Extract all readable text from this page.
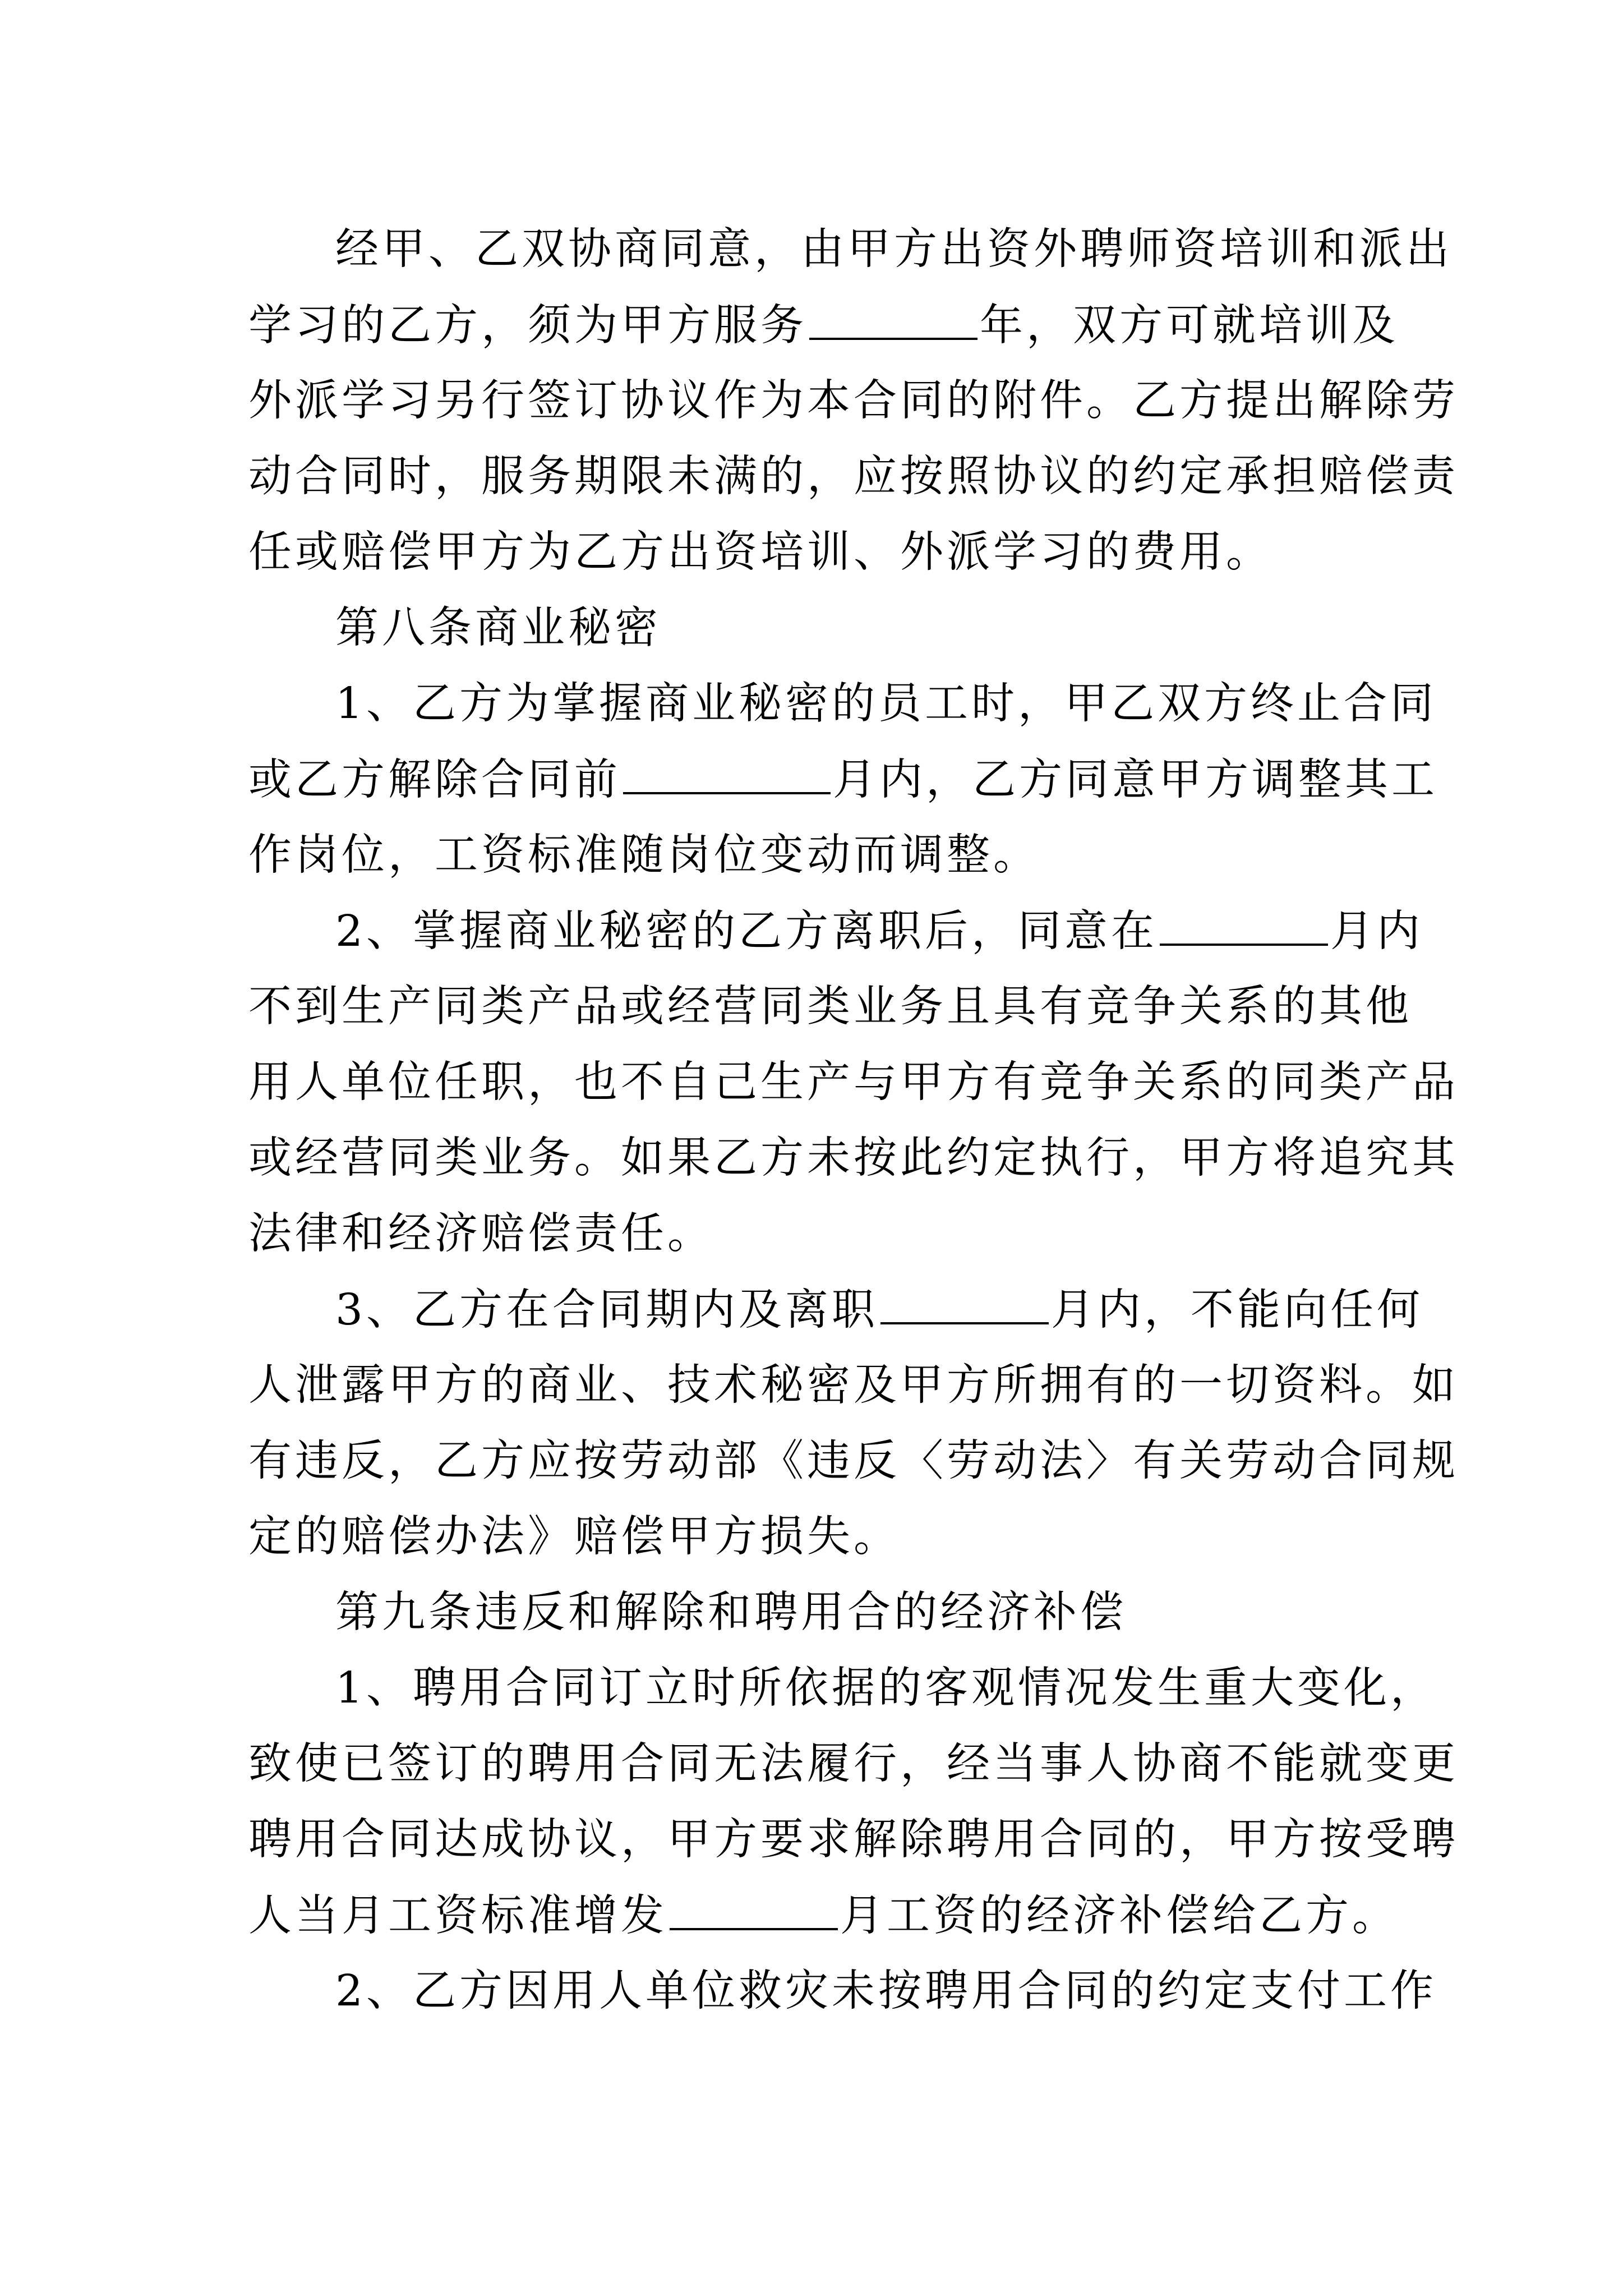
经甲、乙双协商同意，由甲方出资外聘师资培训和派出
学习的乙方，须为甲方服务	年，双方可就培训及
外派学习另行签订协议作为本合同的附件。乙方提出解除劳
动合同时，服务期限未满的，应按照协议的约定承担赔偿责
任或赔偿甲方为乙方出资培训、外派学习的费用。
第八条商业秘密
1、乙方为掌握商业秘密的员工时，甲乙双方终止合同
或乙方解除合同前	月内，乙方同意甲方调整其工
作岗位，工资标准随岗位变动而调整。
2、掌握商业秘密的乙方离职后，同意在	月内
不到生产同类产品或经营同类业务且具有竞争关系的其他
用人单位任职，也不自己生产与甲方有竞争关系的同类产品
或经营同类业务。如果乙方未按此约定执行，甲方将追究其
法律和经济赔偿责任。
3、乙方在合同期内及离职	月内，不能向任何
人泄露甲方的商业、技术秘密及甲方所拥有的一切资料。如
有违反，乙方应按劳动部《违反〈劳动法〉有关劳动合同规
定的赔偿办法》赔偿甲方损失。
第九条违反和解除和聘用合的经济补偿
1、聘用合同订立时所依据的客观情况发生重大变化，
致使已签订的聘用合同无法履行，经当事人协商不能就变更
聘用合同达成协议，甲方要求解除聘用合同的，甲方按受聘
人当月工资标准增发	月工资的经济补偿给乙方。
2、乙方因用人单位救灾未按聘用合同的约定支付工作
